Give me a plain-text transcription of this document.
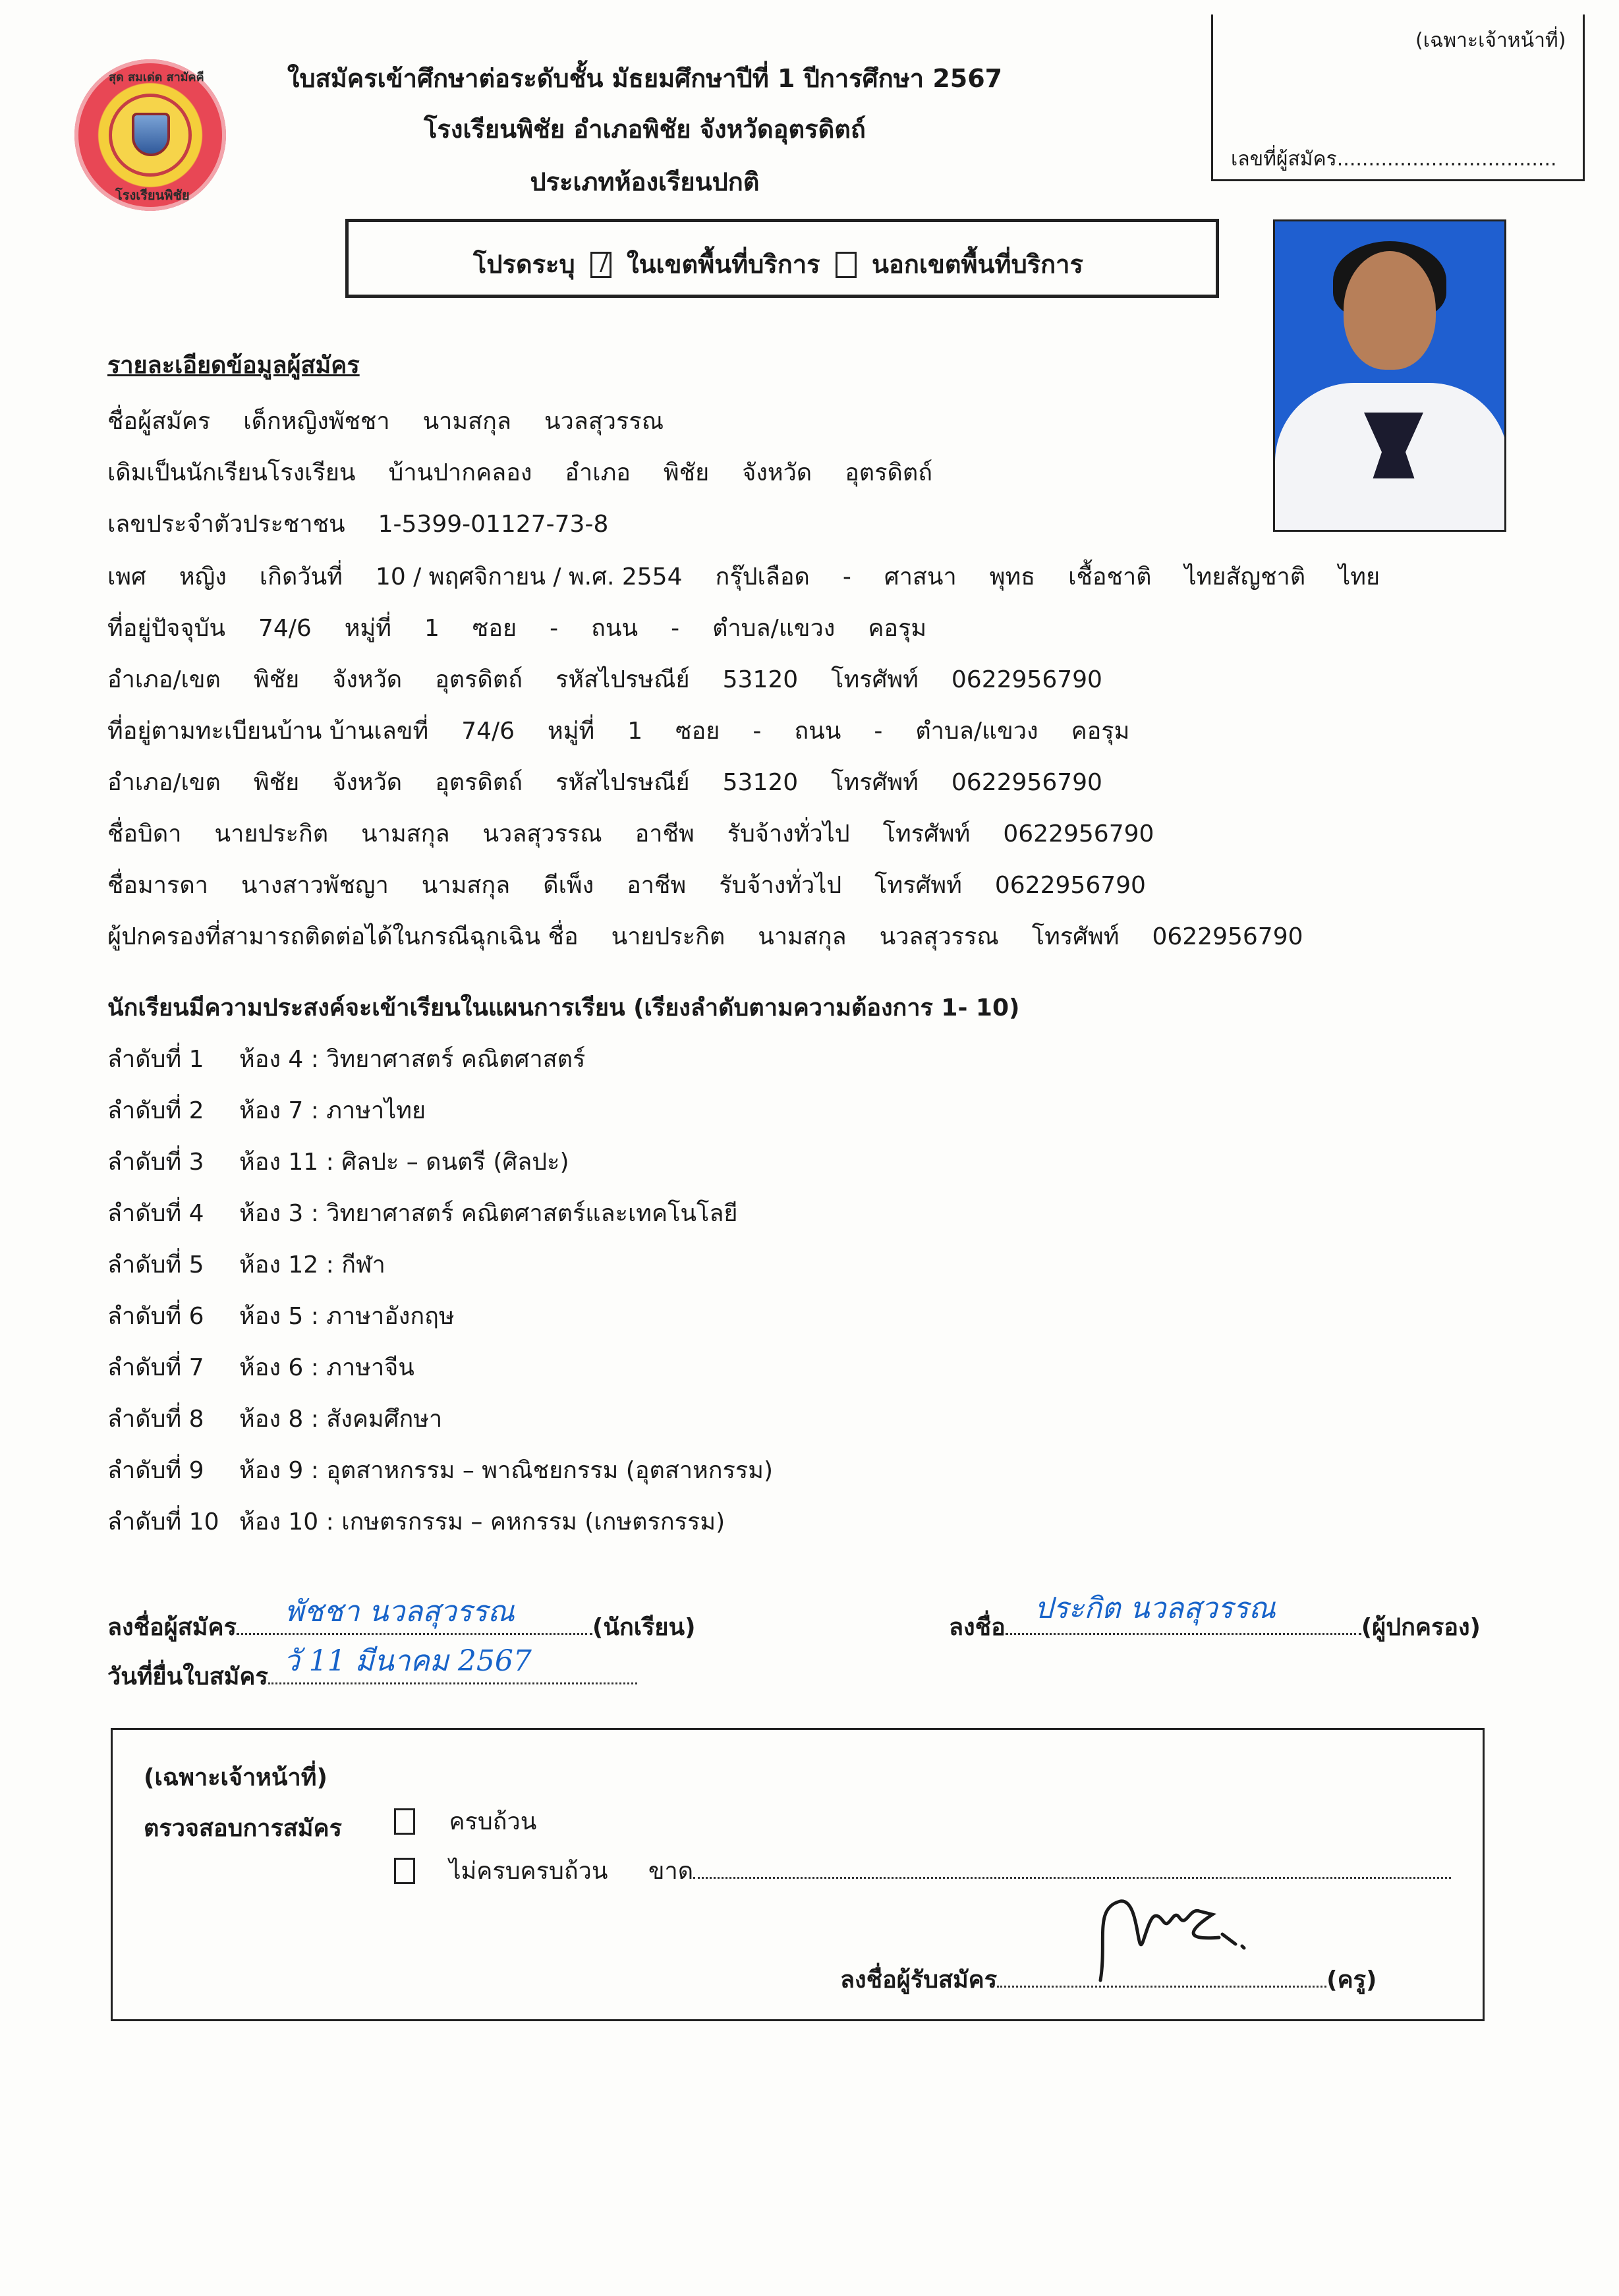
สุด สมเด่ด สามัคคี
โรงเรียนพิชัย
(เฉพาะเจ้าหน้าที่)
เลขที่ผู้สมัคร...................................
ใบสมัครเข้าศึกษาต่อระดับชั้น มัธยมศึกษาปีที่ 1 ปีการศึกษา 2567
โรงเรียนพิชัย อำเภอพิชัย จังหวัดอุตรดิตถ์
ประเภทห้องเรียนปกติ
โปรดระบุ ในเขตพื้นที่บริการ นอกเขตพื้นที่บริการ
รายละเอียดข้อมูลผู้สมัคร
ชื่อผู้สมัคร เด็กหญิงพัชชา นามสกุล นวลสุวรรณ
เดิมเป็นนักเรียนโรงเรียน บ้านปากคลอง อำเภอ พิชัย จังหวัด อุตรดิตถ์
เลขประจำตัวประชาชน 1-5399-01127-73-8
เพศ หญิง เกิดวันที่ 10 / พฤศจิกายน / พ.ศ. 2554 กรุ๊ปเลือด - ศาสนา พุทธ เชื้อชาติ ไทยสัญชาติ ไทย
ที่อยู่ปัจจุบัน 74/6 หมู่ที่ 1 ซอย - ถนน - ตำบล/แขวง คอรุม
อำเภอ/เขต พิชัย จังหวัด อุตรดิตถ์ รหัสไปรษณีย์ 53120 โทรศัพท์ 0622956790
ที่อยู่ตามทะเบียนบ้าน บ้านเลขที่ 74/6 หมู่ที่ 1 ซอย - ถนน - ตำบล/แขวง คอรุม
อำเภอ/เขต พิชัย จังหวัด อุตรดิตถ์ รหัสไปรษณีย์ 53120 โทรศัพท์ 0622956790
ชื่อบิดา นายประกิต นามสกุล นวลสุวรรณ อาชีพ รับจ้างทั่วไป โทรศัพท์ 0622956790
ชื่อมารดา นางสาวพัชญา นามสกุล ดีเพ็ง อาชีพ รับจ้างทั่วไป โทรศัพท์ 0622956790
ผู้ปกครองที่สามารถติดต่อได้ในกรณีฉุกเฉิน ชื่อ นายประกิต นามสกุล นวลสุวรรณ โทรศัพท์ 0622956790
นักเรียนมีความประสงค์จะเข้าเรียนในแผนการเรียน (เรียงลำดับตามความต้องการ 1- 10)
ลำดับที่ 1 ห้อง 4 : วิทยาศาสตร์ คณิตศาสตร์
ลำดับที่ 2 ห้อง 7 : ภาษาไทย
ลำดับที่ 3 ห้อง 11 : ศิลปะ – ดนตรี (ศิลปะ)
ลำดับที่ 4 ห้อง 3 : วิทยาศาสตร์ คณิตศาสตร์และเทคโนโลยี
ลำดับที่ 5 ห้อง 12 : กีฬา
ลำดับที่ 6 ห้อง 5 : ภาษาอังกฤษ
ลำดับที่ 7 ห้อง 6 : ภาษาจีน
ลำดับที่ 8 ห้อง 8 : สังคมศึกษา
ลำดับที่ 9 ห้อง 9 : อุตสาหกรรม – พาณิชยกรรม (อุตสาหกรรม)
ลำดับที่ 10 ห้อง 10 : เกษตรกรรม – คหกรรม (เกษตรกรรม)
ลงชื่อผู้สมัคร	(นักเรียน)
พัชชา นวลสุวรรณ
วันที่ยื่นใบสมัคร วั 11 มีนาคม 2567
ลงชื่อ	(ผู้ปกครอง)
ประกิต นวลสุวรรณ
(เฉพาะเจ้าหน้าที่)
ตรวจสอบการสมัคร	ครบถ้วน
ไม่ครบครบถ้วน ขาด
ลงชื่อผู้รับสมัคร	(ครู)
